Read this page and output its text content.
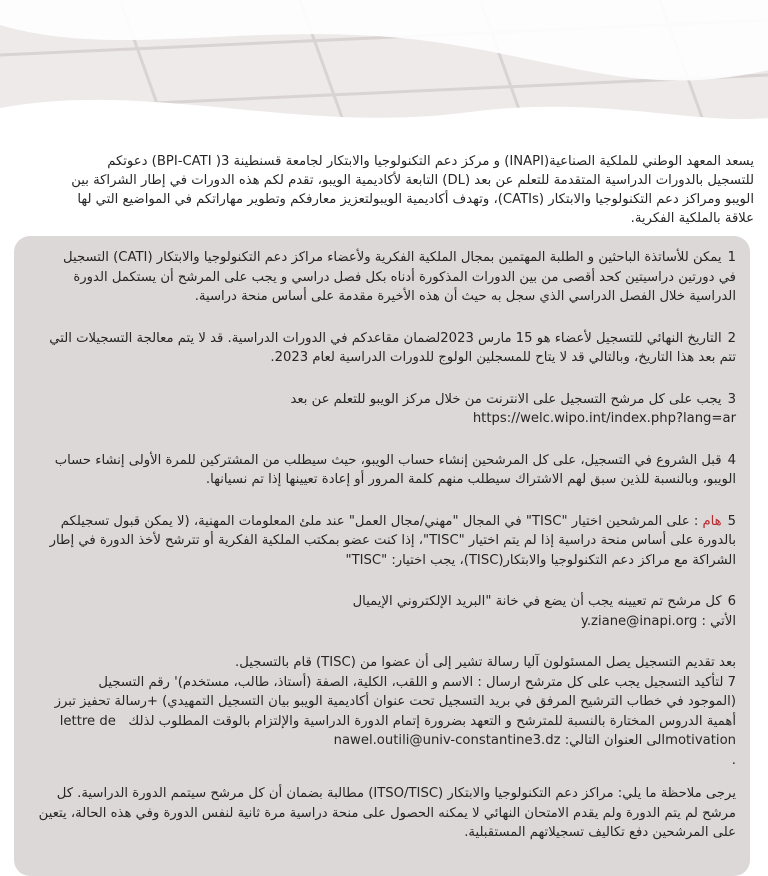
يسعد المعهد الوطني للملكية الصناعية(INAPI) و مركز دعم التكنولوجيا والابتكار لجامعة قسنطينة 3( BPI-CATI) دعوتكم
للتسجيل بالدورات الدراسية المتقدمة للتعلم عن بعد (DL) التابعة لأكاديمية الويبو، تقدم لكم هذه الدورات في إطار الشراكة بين
الويبو ومراكز دعم التكنولوجيا والابتكار (CATIs)، وتهدف أكاديمية الويبولتعزيز معارفكم وتطوير مهاراتكم في المواضيع التي لها
علاقة بالملكية الفكرية.
1يمكن للأساتذة الباحثين و الطلبة المهتمين بمجال الملكية الفكرية ولأعضاء مراكز دعم التكنولوجيا والابتكار (CATI) التسجيل
في دورتين دراسيتين كحد أقصى من بين الدورات المذكورة أدناه بكل فصل دراسي و يجب على المرشح أن يستكمل الدورة
الدراسية خلال الفصل الدراسي الذي سجل به حيث أن هذه الأخيرة مقدمة على أساس منحة دراسية.
2التاريخ النهائي للتسجيل لأعضاء هو 15 مارس 2023لضمان مقاعدكم في الدورات الدراسية. قد لا يتم معالجة التسجيلات التي
تتم بعد هذا التاريخ، وبالتالي قد لا يتاح للمسجلين الولوج للدورات الدراسية لعام 2023.
3يجب على كل مرشح التسجيل على الانترنت من خلال مركز الويبو للتعلم عن بعد
https://welc.wipo.int/index.php?lang=ar
4قبل الشروع في التسجيل، على كل المرشحين إنشاء حساب الويبو، حيث سيطلب من المشتركين للمرة الأولى إنشاء حساب
الويبو، وبالنسبة للذين سبق لهم الاشتراك سيطلب منهم كلمة المرور أو إعادة تعيينها إذا تم نسيانها.
5هام : على المرشحين اختيار "TISC" في المجال "مهني/مجال العمل" عند ملئ المعلومات المهنية، (لا يمكن قبول تسجيلكم
بالدورة على أساس منحة دراسية إذا لم يتم اختيار "TISC"، إذا كنت عضو بمكتب الملكية الفكرية أو تترشح لأخذ الدورة في إطار
الشراكة مع مراكز دعم التكنولوجيا والابتكار(TISC)، يجب اختيار: "TISC"
6كل مرشح تم تعيينه يجب أن يضع في خانة "البريد الإلكتروني الإيميال
الأتي : y.ziane@inapi.org
بعد تقديم التسجيل يصل المسئولون آليا رسالة تشير إلى أن عضوا من (TISC) قام بالتسجيل.
7 لتأكيد التسجيل يجب على كل مترشح ارسال : الاسم و اللقب، الكلية، الصفة (أستاذ، طالب، مستخدم)' رقم التسجيل
(الموجود في خطاب الترشيح المرفق في بريد التسجيل تحت عنوان أكاديمية الويبو بيان التسجيل التمهيدي) +رسالة تحفيز تبرز
أهمية الدروس المختارة بالنسبة للمترشح و التعهد بضرورة إتمام الدورة الدراسية والإلتزام بالوقت المطلوب لذلك   lettre de
motivationالى العنوان التالي: nawel.outili@univ-constantine3.dz
.
يرجى ملاحظة ما يلي: مراكز دعم التكنولوجيا والابتكار (ITSO/TISC) مطالبة بضمان أن كل مرشح سيتمم الدورة الدراسية. كل
مرشح لم يتم الدورة ولم يقدم الامتحان النهائي لا يمكنه الحصول على منحة دراسية مرة ثانية لنفس الدورة وفي هذه الحالة، يتعين
على المرشحين دفع تكاليف تسجيلاتهم المستقبلية.
